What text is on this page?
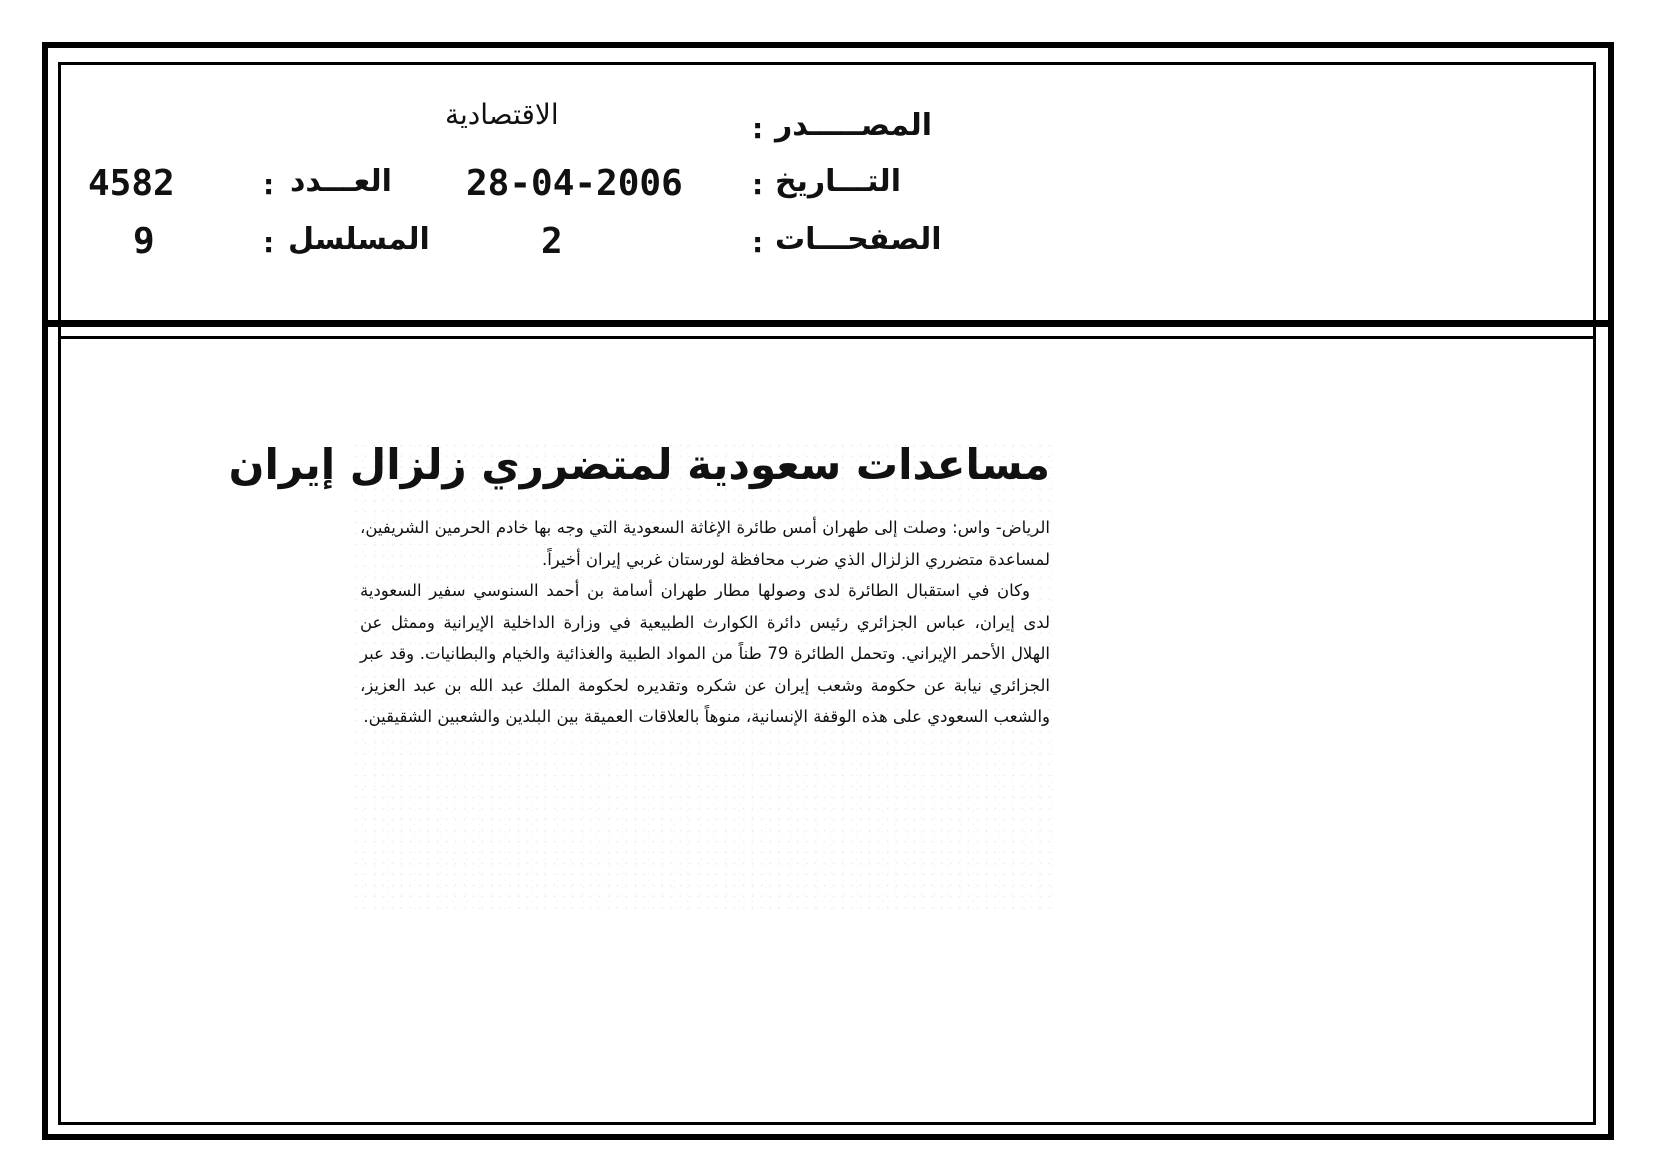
المصـــــدر
:
الاقتصادية
التـــاريخ
:
28-04-2006
العـــدد
:
4582
الصفحـــات
:
2
المسلسل
:
9
مساعدات سعودية لمتضرري زلزال إيران

الرياض- واس: وصلت إلى طهران أمس طائرة الإغاثة السعودية التي وجه بها خادم الحرمين الشريفين، لمساعدة متضرري الزلزال الذي ضرب محافظة لورستان غربي إيران أخيراً.

وكان في استقبال الطائرة لدى وصولها مطار طهران أسامة بن أحمد السنوسي سفير السعودية لدى إيران، عباس الجزائري رئيس دائرة الكوارث الطبيعية في وزارة الداخلية الإيرانية وممثل عن الهلال الأحمر الإيراني. وتحمل الطائرة 79 طناً من المواد الطبية والغذائية والخيام والبطانيات. وقد عبر الجزائري نيابة عن حكومة وشعب إيران عن شكره وتقديره لحكومة الملك عبد الله بن عبد العزيز، والشعب السعودي على هذه الوقفة الإنسانية، منوهاً بالعلاقات العميقة بين البلدين والشعبين الشقيقين.
